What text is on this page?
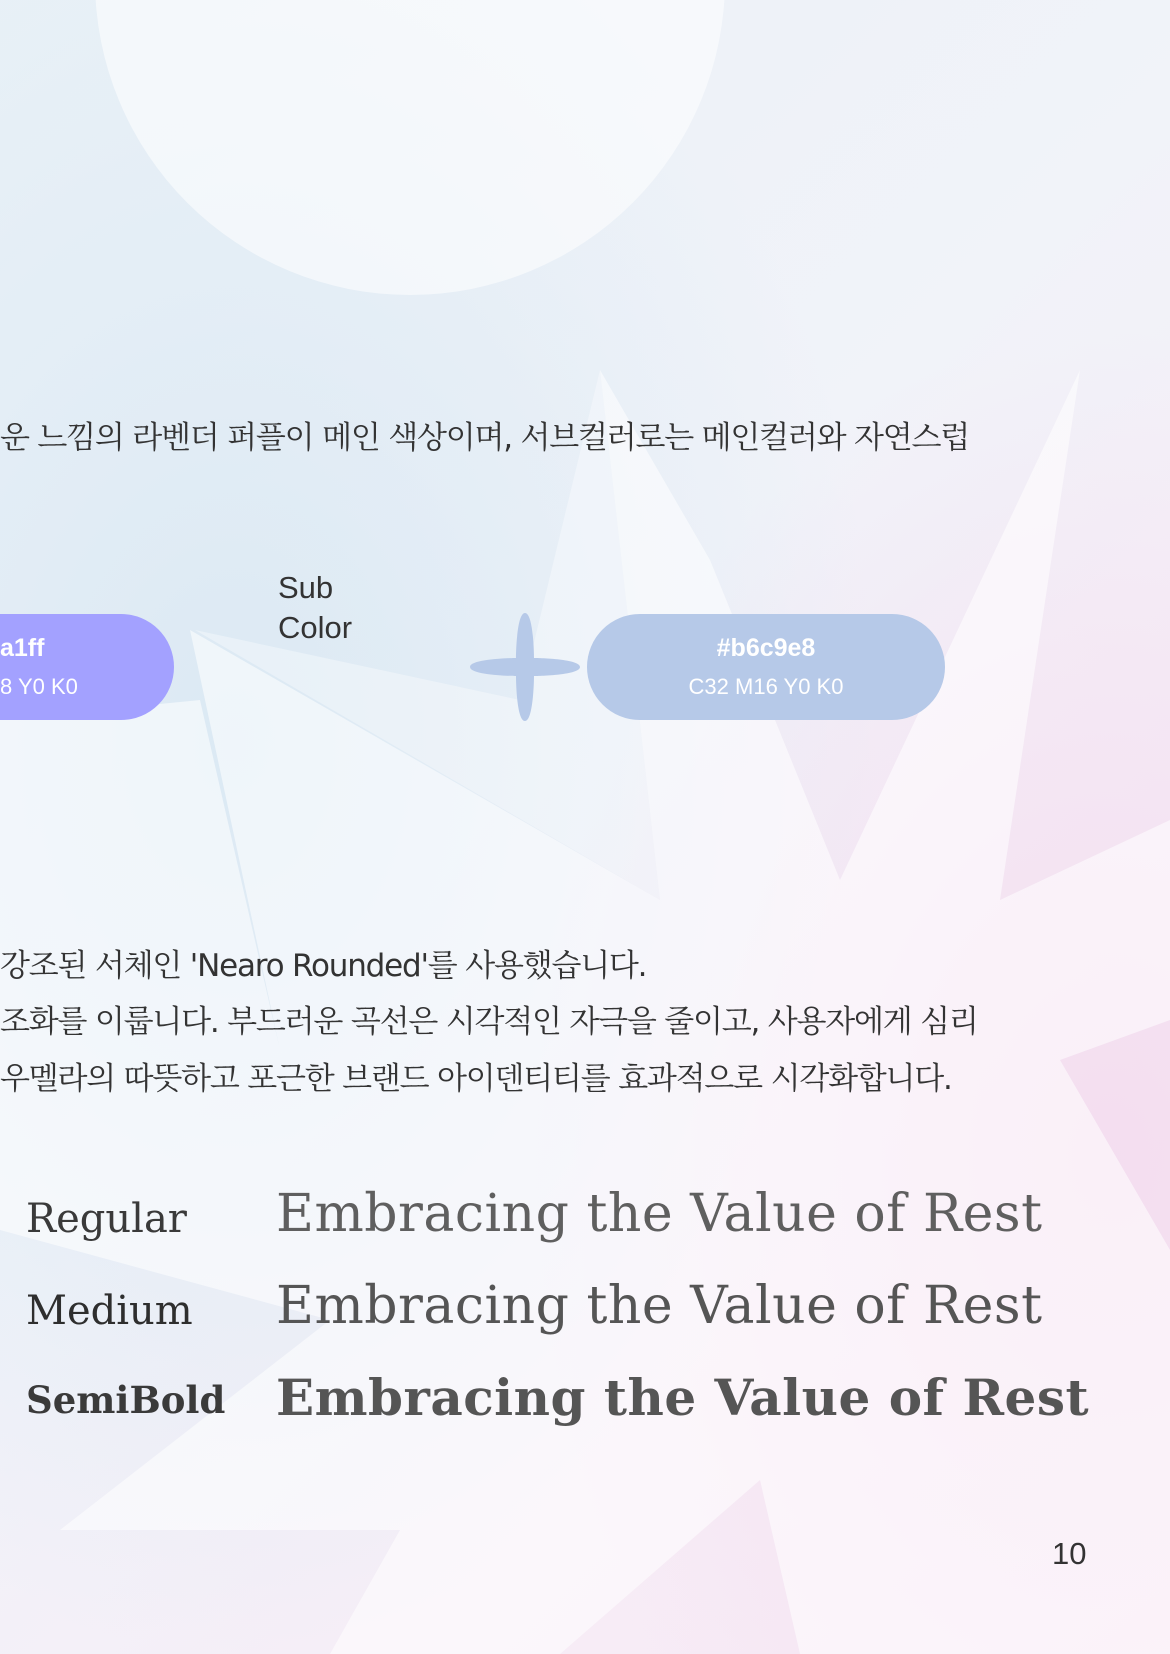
운 느낌의 라벤더 퍼플이 메인 색상이며, 서브컬러로는 메인컬러와 자연스럽
a1ff
8 Y0 K0
Sub
Color
#b6c9e8
C32 M16 Y0 K0
강조된 서체인 'Nearo Rounded'를 사용했습니다.
조화를 이룹니다. 부드러운 곡선은 시각적인 자극을 줄이고, 사용자에게 심리
우멜라의 따뜻하고 포근한 브랜드 아이덴티티를 효과적으로 시각화합니다.
Regular Embracing the Value of Rest
Medium Embracing the Value of Rest
SemiBold Embracing the Value of Rest
10
